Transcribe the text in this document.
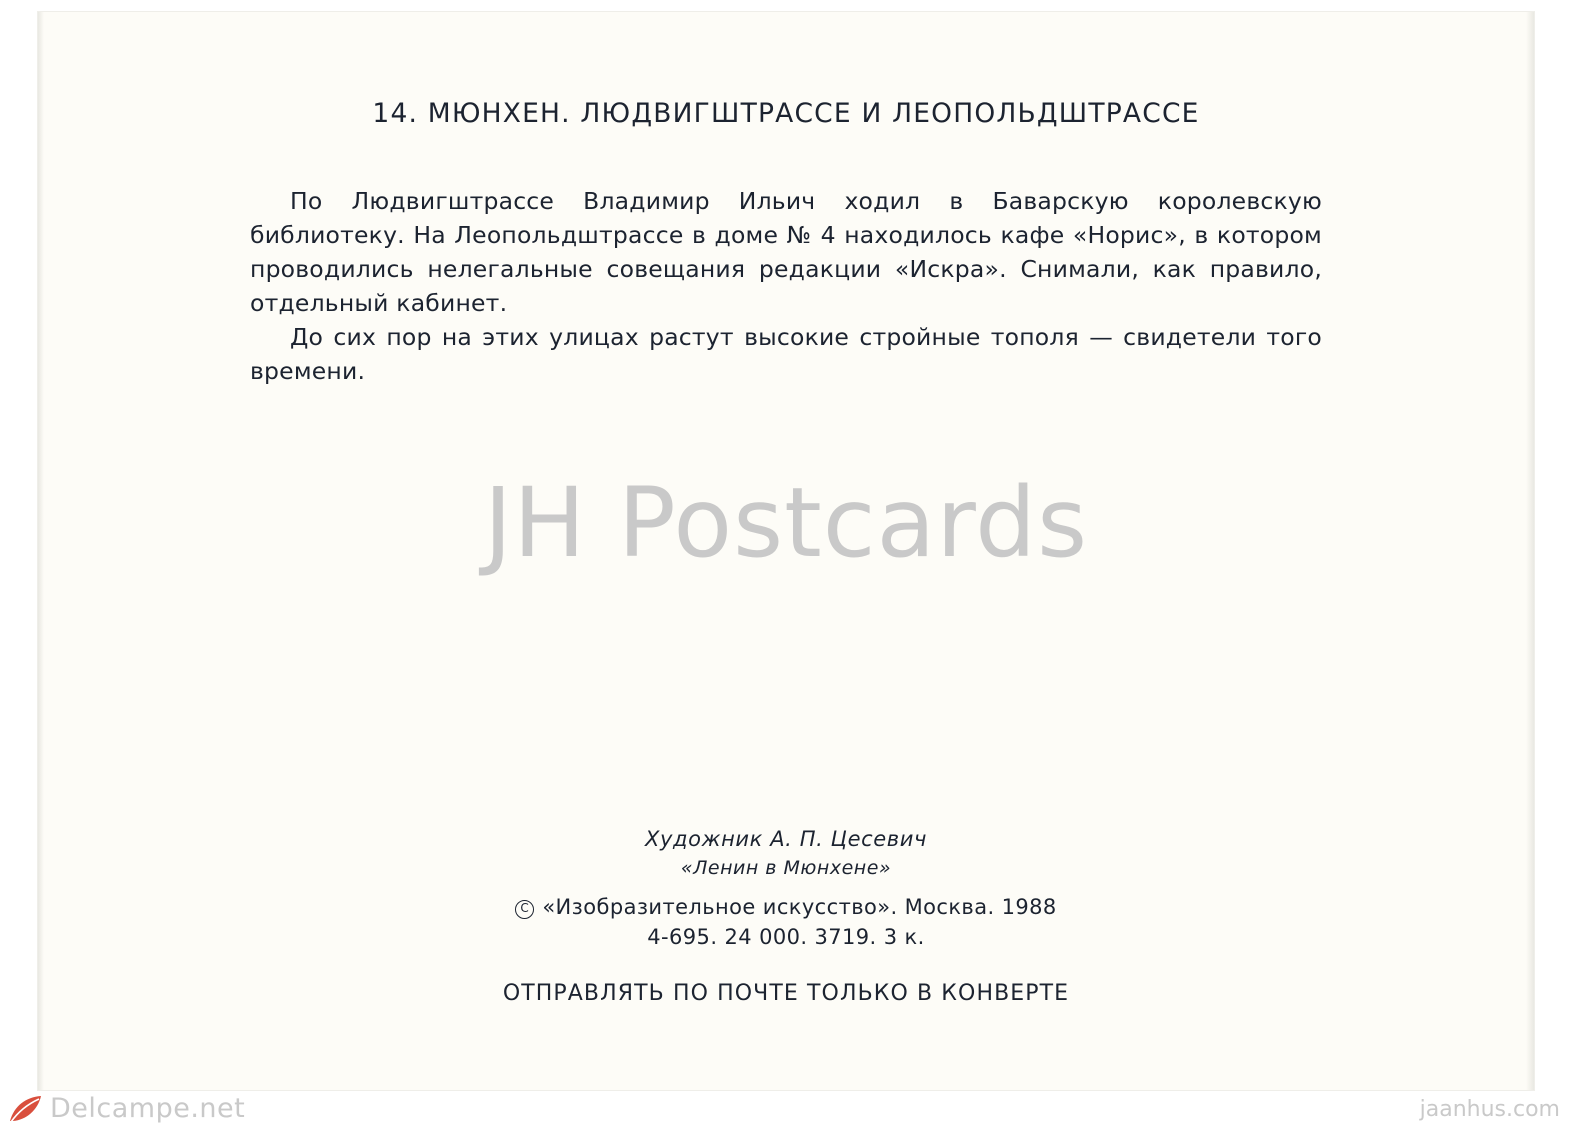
14. МЮНХЕН. ЛЮДВИГШТРАССЕ И ЛЕОПОЛЬДШТРАССЕ

По Людвигштрассе Владимир Ильич ходил в Баварскую королевскую библиотеку. На Леопольдштрассе в доме № 4 находилось кафе «Норис», в котором проводились нелегальные совещания редакции «Искра». Снимали, как правило, отдельный кабинет.

До сих пор на этих улицах растут высокие стройные тополя — свидетели того времени.

JH Postcards
Художник А. П. Цесевич
«Ленин в Мюнхене»
C «Изобразительное искусство». Москва. 1988
4-695. 24 000. 3719. 3 к.
ОТПРАВЛЯТЬ ПО ПОЧТЕ ТОЛЬКО В КОНВЕРТЕ
Delcampe.net	jaanhus.com
